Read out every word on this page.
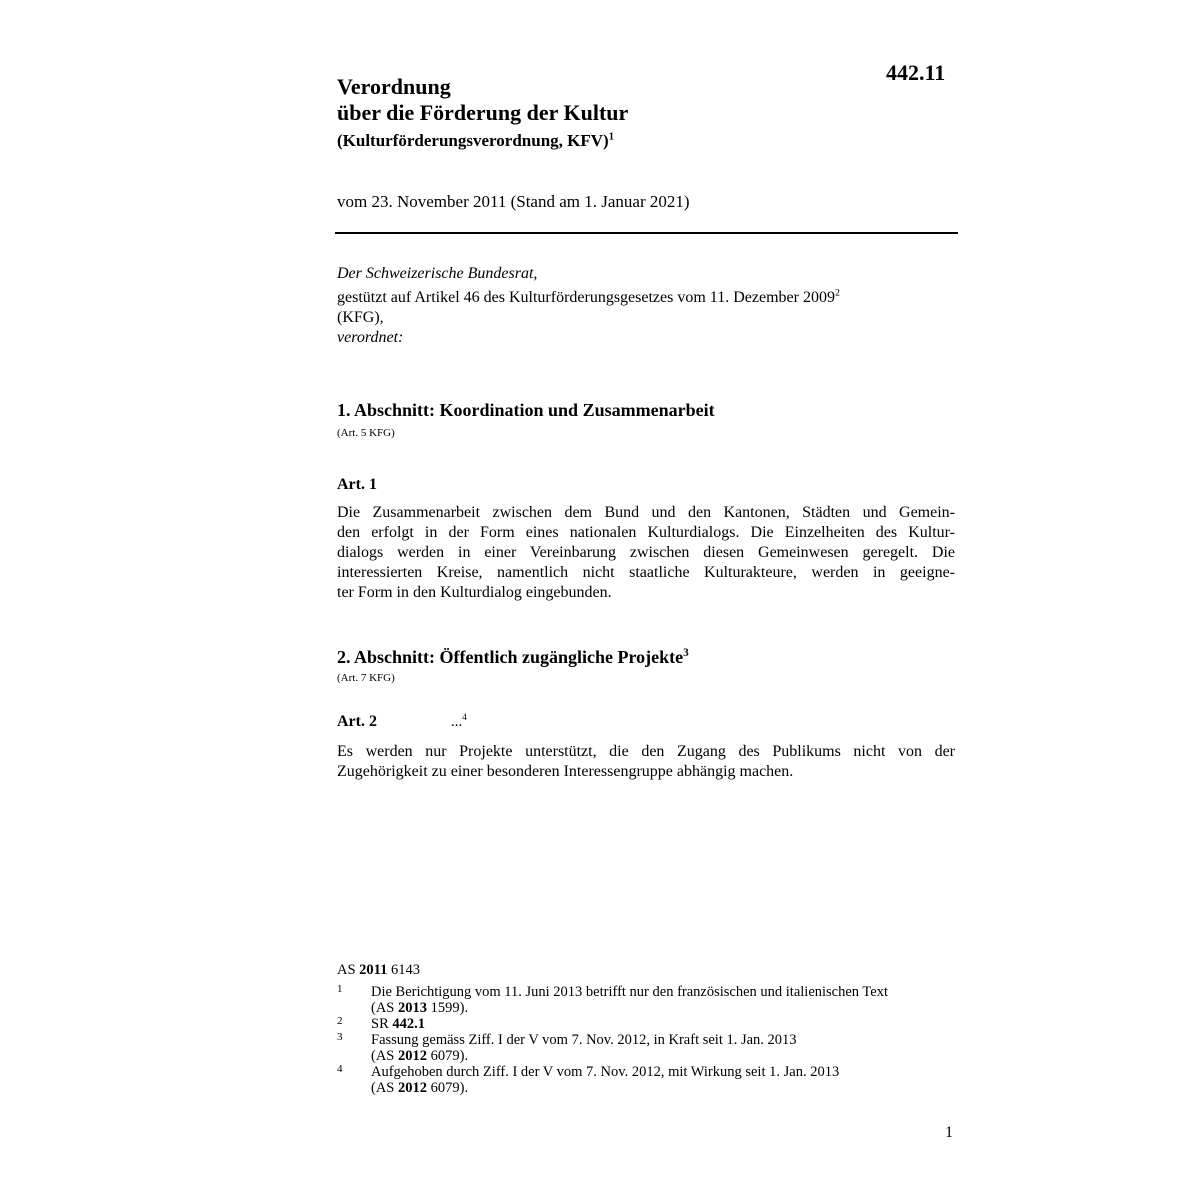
442.11
Verordnung
über die Förderung der Kultur
(Kulturförderungsverordnung, KFV)$^1$
vom 23. November 2011 (Stand am 1. Januar 2021)
Der Schweizerische Bundesrat,
gestützt auf Artikel 46 des Kulturförderungsgesetzes vom 11. Dezember 2009$^2$
(KFG),
verordnet:
1. Abschnitt: Koordination und Zusammenarbeit
(Art. 5 KFG)
Art. 1
Die Zusammenarbeit zwischen dem Bund und den Kantonen, Städten und Gemein-
den erfolgt in der Form eines nationalen Kulturdialogs. Die Einzelheiten des Kultur-
dialogs werden in einer Vereinbarung zwischen diesen Gemeinwesen geregelt. Die
interessierten Kreise, namentlich nicht staatliche Kulturakteure, werden in geeigne-
ter Form in den Kulturdialog eingebunden.
2. Abschnitt: Öffentlich zugängliche Projekte$^3$
(Art. 7 KFG)
Art. 2	...$^4$
Es werden nur Projekte unterstützt, die den Zugang des Publikums nicht von der
Zugehörigkeit zu einer besonderen Interessengruppe abhängig machen.
AS 2011 6143
1 Die Berichtigung vom 11. Juni 2013 betrifft nur den französischen und italienischen Text
(AS 2013 1599).
2 SR 442.1
3 Fassung gemäss Ziff. I der V vom 7. Nov. 2012, in Kraft seit 1. Jan. 2013
(AS 2012 6079).
4 Aufgehoben durch Ziff. I der V vom 7. Nov. 2012, mit Wirkung seit 1. Jan. 2013
(AS 2012 6079).
1
